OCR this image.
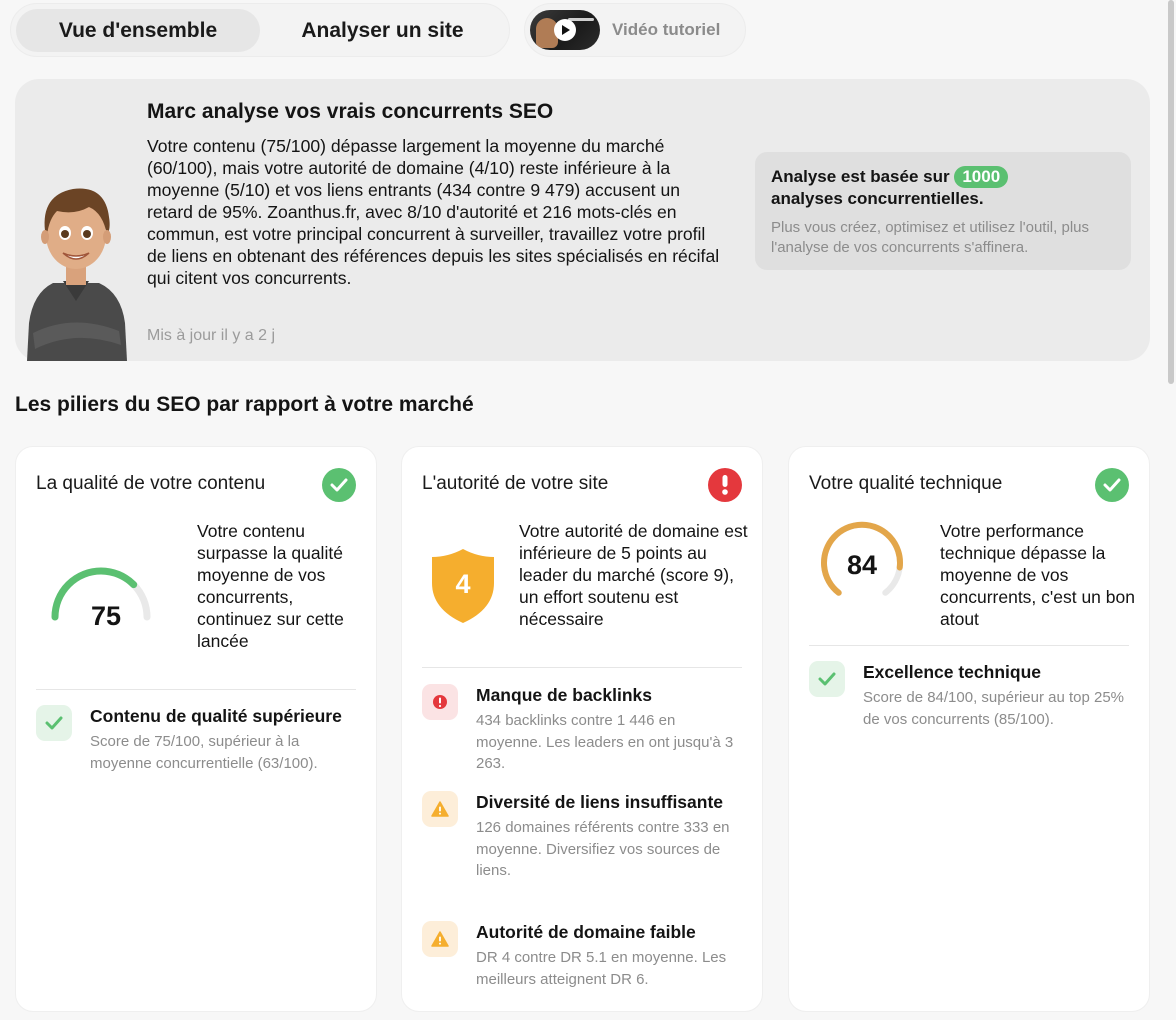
Vue d'ensemble	Analyser un site	Vidéo tutoriel
Marc analyse vos vrais concurrents SEO
Votre contenu (75/100) dépasse largement la moyenne du marché (60/100), mais votre autorité de domaine (4/10) reste inférieure à la moyenne (5/10) et vos liens entrants (434 contre 9 479) accusent un retard de 95%. Zoanthus.fr, avec 8/10 d'autorité et 216 mots-clés en commun, est votre principal concurrent à surveiller, travaillez votre profil de liens en obtenant des références depuis les sites spécialisés en récifal qui citent vos concurrents.
Mis à jour il y a 2 j
Analyse est basée sur 1000
analyses concurrentielles.
Plus vous créez, optimisez et utilisez l'outil, plus l'analyse de vos concurrents s'affinera.
Les piliers du SEO par rapport à votre marché
La qualité de votre contenu
75
Votre contenu surpasse la qualité moyenne de vos concurrents, continuez sur cette lancée
Contenu de qualité supérieure
Score de 75/100, supérieur à la moyenne concurrentielle (63/100).
L'autorité de votre site
4
Votre autorité de domaine est inférieure de 5 points au leader du marché (score 9), un effort soutenu est nécessaire
Manque de backlinks
434 backlinks contre 1 446 en moyenne. Les leaders en ont jusqu'à 3 263.
Diversité de liens insuffisante
126 domaines référents contre 333 en moyenne. Diversifiez vos sources de liens.
Autorité de domaine faible
DR 4 contre DR 5.1 en moyenne. Les meilleurs atteignent DR 6.
Votre qualité technique
84
Votre performance technique dépasse la moyenne de vos concurrents, c'est un bon atout
Excellence technique
Score de 84/100, supérieur au top 25% de vos concurrents (85/100).
